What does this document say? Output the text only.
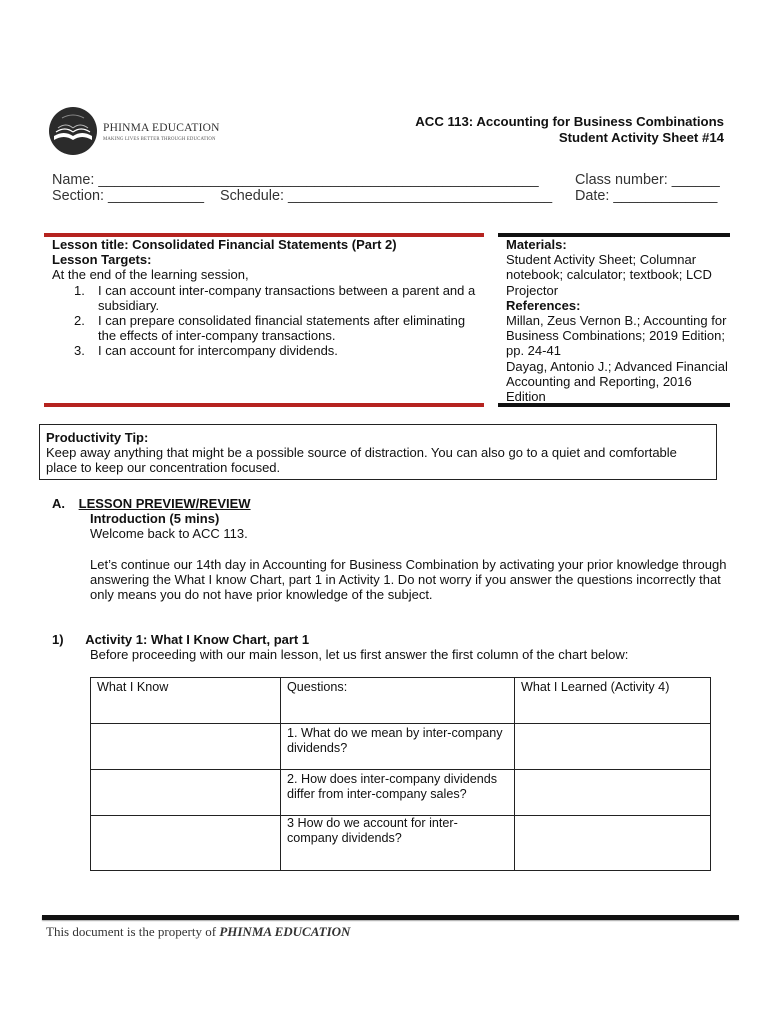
PHINMA EDUCATION
MAKING LIVES BETTER THROUGH EDUCATION
ACC 113: Accounting for Business Combinations
Student Activity Sheet #14
Name: _______________________________________________________	Class number: ______
Section: ____________ Schedule: _________________________________ Date: _____________
Lesson title: Consolidated Financial Statements (Part 2)
Lesson Targets:
At the end of the learning session,
1. I can account inter-company transactions between a parent and a subsidiary.
2. I can prepare consolidated financial statements after eliminating the effects of inter-company transactions.
3. I can account for intercompany dividends.
Materials:
Student Activity Sheet; Columnar notebook; calculator; textbook; LCD Projector
References:
Millan, Zeus Vernon B.; Accounting for Business Combinations; 2019 Edition; pp. 24-41
Dayag, Antonio J.; Advanced Financial Accounting and Reporting, 2016 Edition
Productivity Tip:
Keep away anything that might be a possible source of distraction. You can also go to a quiet and comfortable place to keep our concentration focused.
A. LESSON PREVIEW/REVIEW
Introduction (5 mins)
Welcome back to ACC 113.
Let’s continue our 14th day in Accounting for Business Combination by activating your prior knowledge through answering the What I know Chart, part 1 in Activity 1. Do not worry if you answer the questions incorrectly that only means you do not have prior knowledge of the subject.
1) Activity 1: What I Know Chart, part 1
Before proceeding with our main lesson, let us first answer the first column of the chart below:
What I Know	Questions:	What I Learned (Activity 4)
	1. What do we mean by inter-company dividends?	
	2. How does inter-company dividends differ from inter-company sales?	
	3 How do we account for inter-company dividends?	
This document is the property of PHINMA EDUCATION
